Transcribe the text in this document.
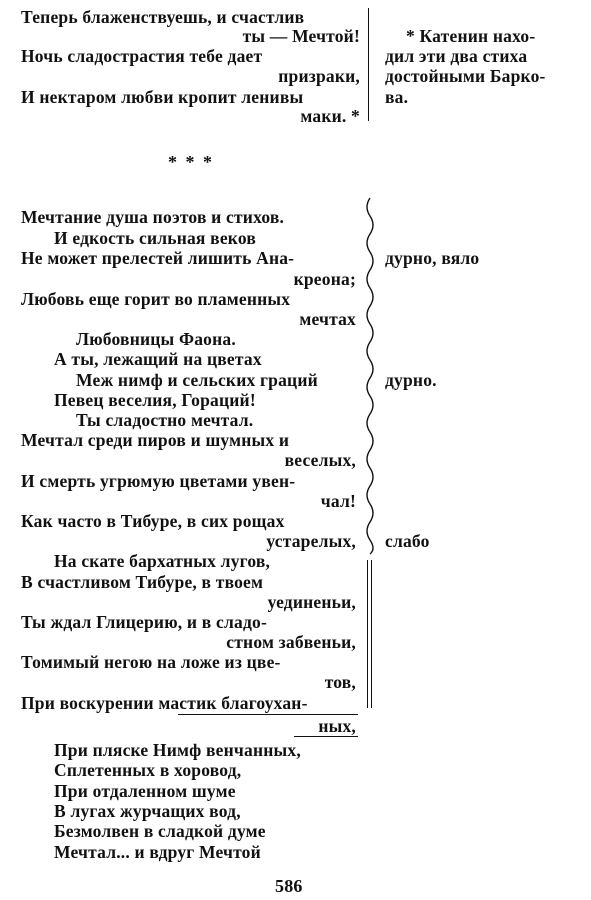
Теперь блаженствуешь, и счастлив
ты — Мечтой!
Ночь сладострастия тебе дает
призраки,
И нектаром любви кропит ленивы
маки. *
* Катенин нахо-
дил эти два стиха
достойными Барко-
ва.
* * *
Мечтание душа поэтов и стихов.
И едкость сильная веков
Не может прелестей лишить Ана-
креона;
Любовь еще горит во пламенных
мечтах
Любовницы Фаона.
А ты, лежащий на цветах
Меж нимф и сельских граций
Певец веселия, Гораций!
Ты сладостно мечтал.
Мечтал среди пиров и шумных и
веселых,
И смерть угрюмую цветами увен-
чал!
Как часто в Тибуре, в сих рощах
устарелых,
На скате бархатных лугов,
В счастливом Тибуре, в твоем
уединеньи,
Ты ждал Глицерию, и в сладо-
стном забвеньи,
Томимый негою на ложе из цве-
тов,
При воскурении мастик благоухан-
ных,
При пляске Нимф венчанных,
Сплетенных в хоровод,
При отдаленном шуме
В лугах журчащих вод,
Безмолвен в сладкой думе
Мечтал... и вдруг Мечтой
дурно, вяло
дурно.
слабо
586
